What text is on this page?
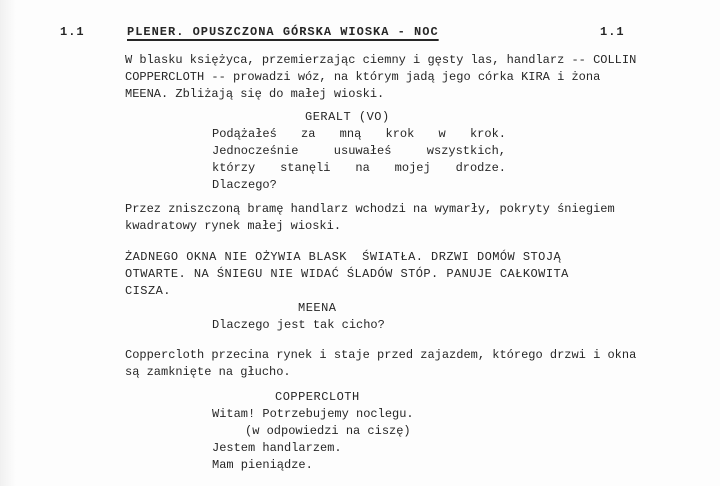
1.1	PLENER. OPUSZCZONA GÓRSKA WIOSKA - NOC	1.1
W blasku księżyca, przemierzając ciemny i gęsty las, handlarz -- COLLIN
COPPERCLOTH -- prowadzi wóz, na którym jadą jego córka KIRA i żona
MEENA. Zbliżają się do małej wioski.
GERALT (VO)
Podążałeś za mną krok w krok.
Jednocześnie usuwałeś wszystkich,
którzy stanęli na mojej drodze.
Dlaczego?
Przez zniszczoną bramę handlarz wchodzi na wymarły, pokryty śniegiem
kwadratowy rynek małej wioski.
ŻADNEGO OKNA NIE OŻYWIA BLASK  ŚWIATŁA. DRZWI DOMÓW STOJĄ
OTWARTE. NA ŚNIEGU NIE WIDAĆ ŚLADÓW STÓP. PANUJE CAŁKOWITA
CISZA.
MEENA
Dlaczego jest tak cicho?
Coppercloth przecina rynek i staje przed zajazdem, którego drzwi i okna
są zamknięte na głucho.
COPPERCLOTH
Witam! Potrzebujemy noclegu.
(w odpowiedzi na ciszę)
Jestem handlarzem.
Mam pieniądze.
